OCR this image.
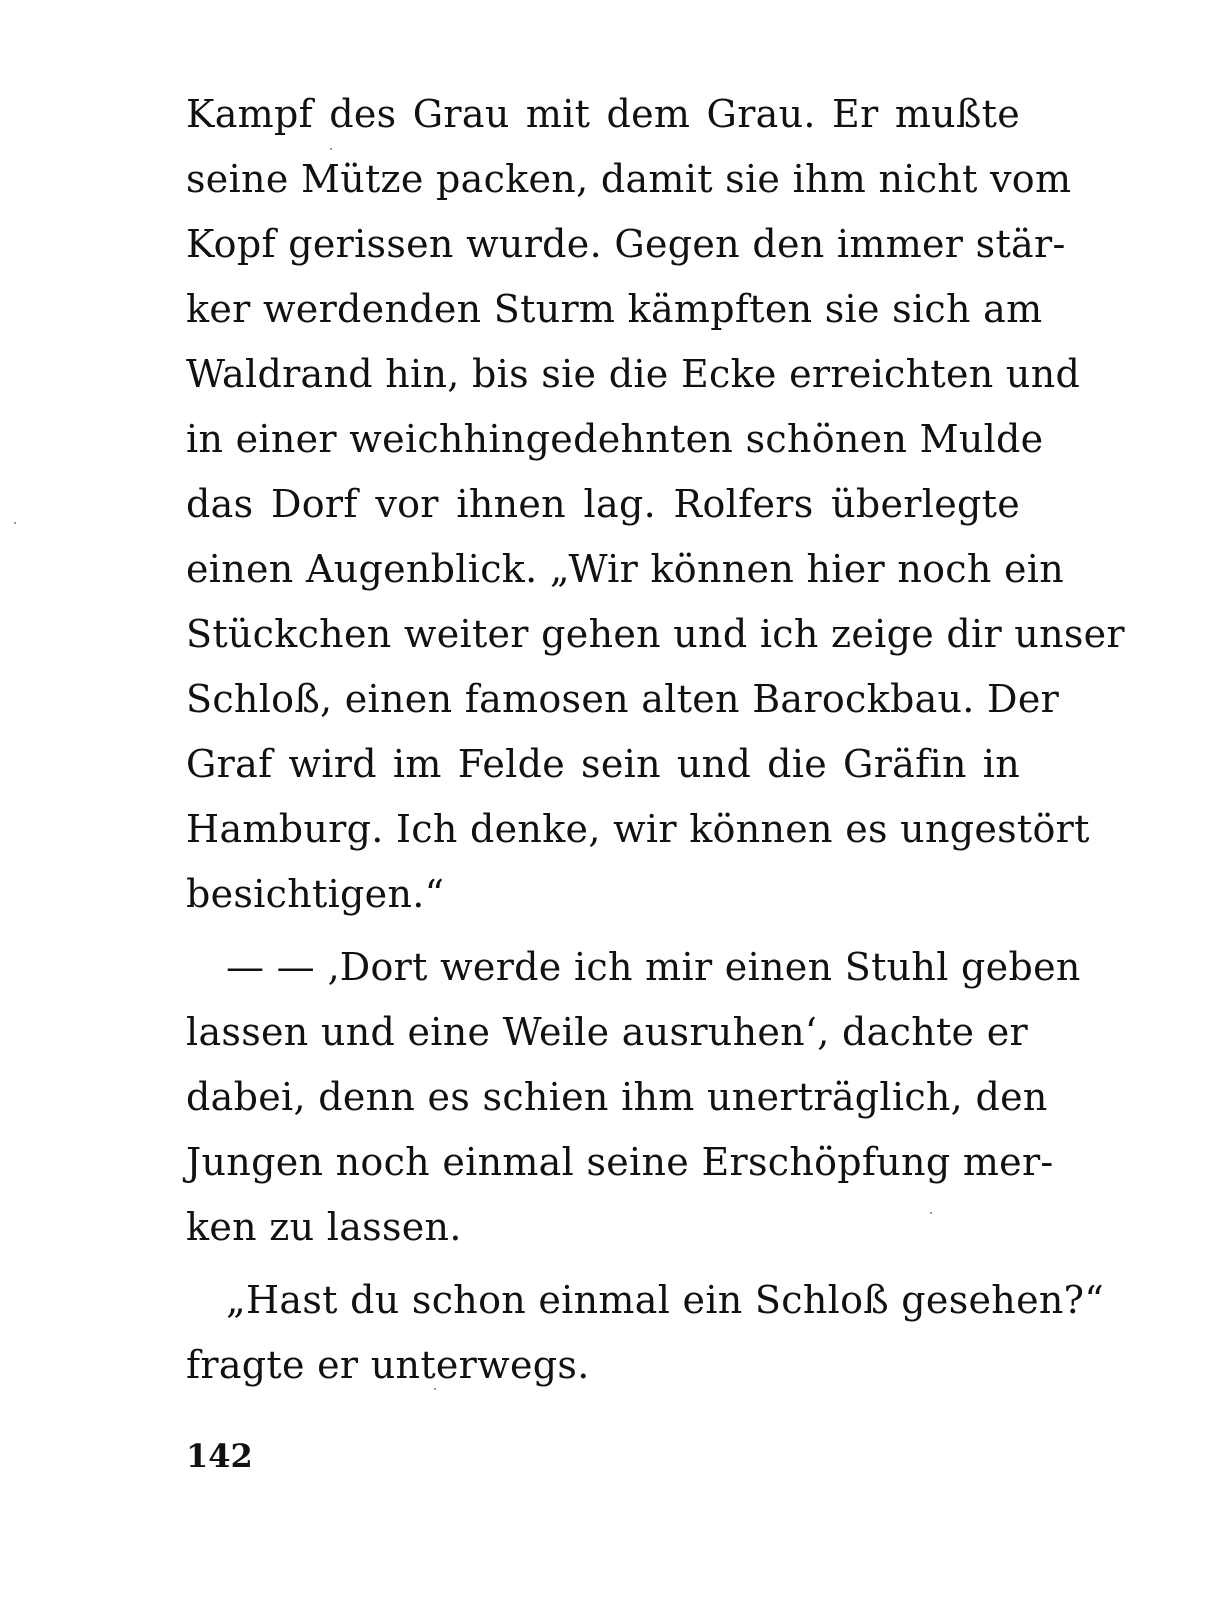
Kampf des Grau mit dem Grau. Er mußte
seine Mütze packen, damit sie ihm nicht vom
Kopf gerissen wurde. Gegen den immer stär-
ker werdenden Sturm kämpften sie sich am
Waldrand hin, bis sie die Ecke erreichten und
in einer weichhingedehnten schönen Mulde
das Dorf vor ihnen lag. Rolfers überlegte
einen Augenblick. „Wir können hier noch ein
Stückchen weiter gehen und ich zeige dir unser
Schloß, einen famosen alten Barockbau. Der
Graf wird im Felde sein und die Gräfin in
Hamburg. Ich denke, wir können es ungestört
besichtigen.“
— — ‚Dort werde ich mir einen Stuhl geben
lassen und eine Weile ausruhen‘, dachte er
dabei, denn es schien ihm unerträglich, den
Jungen noch einmal seine Erschöpfung mer-
ken zu lassen.
„Hast du schon einmal ein Schloß gesehen?“
fragte er unterwegs.
142
